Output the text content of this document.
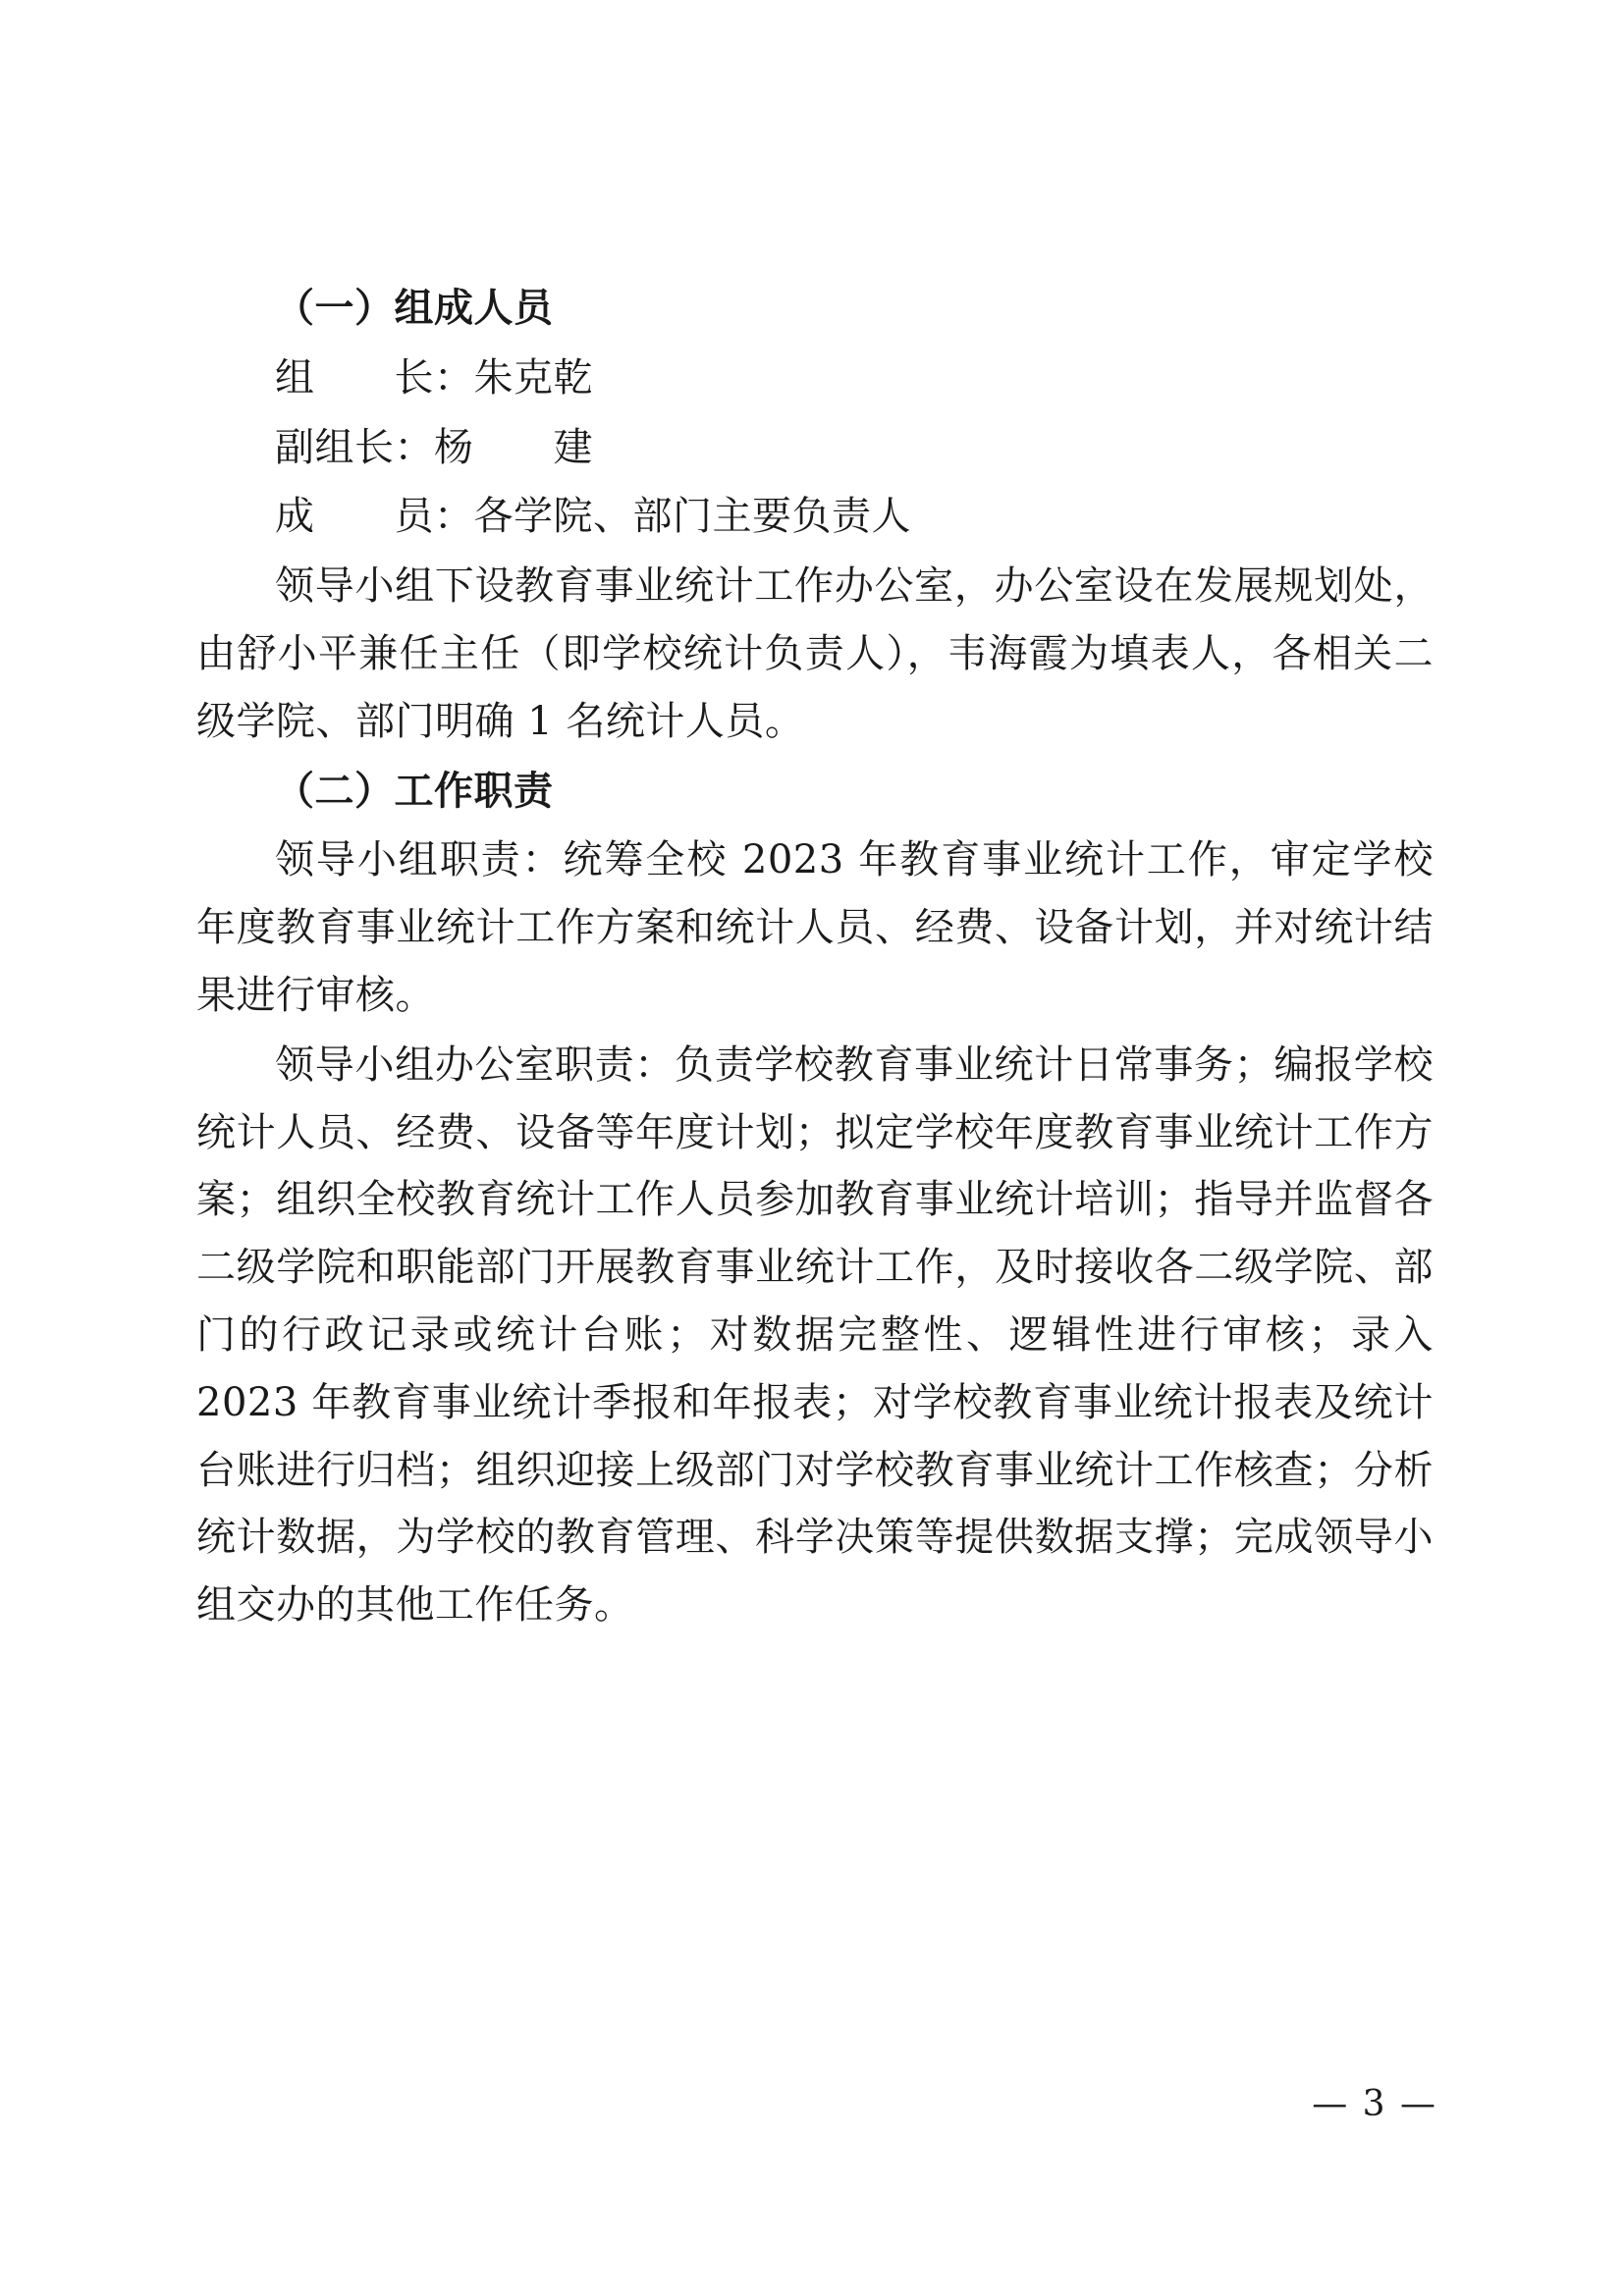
（一）组成人员

组　　长：朱克乾

副组长：杨　　建

成　　员：各学院、部门主要负责人

领导小组下设教育事业统计工作办公室，办公室设在发展规划处，由舒小平兼任主任（即学校统计负责人），韦海霞为填表人，各相关二级学院、部门明确 1 名统计人员。

（二）工作职责

领导小组职责：统筹全校 2023 年教育事业统计工作，审定学校年度教育事业统计工作方案和统计人员、经费、设备计划，并对统计结果进行审核。

领导小组办公室职责：负责学校教育事业统计日常事务；编报学校统计人员、经费、设备等年度计划；拟定学校年度教育事业统计工作方案；组织全校教育统计工作人员参加教育事业统计培训；指导并监督各二级学院和职能部门开展教育事业统计工作，及时接收各二级学院、部门的行政记录或统计台账；对数据完整性、逻辑性进行审核；录入 2023 年教育事业统计季报和年报表；对学校教育事业统计报表及统计台账进行归档；组织迎接上级部门对学校教育事业统计工作核查；分析统计数据，为学校的教育管理、科学决策等提供数据支撑；完成领导小组交办的其他工作任务。

— 3 —
